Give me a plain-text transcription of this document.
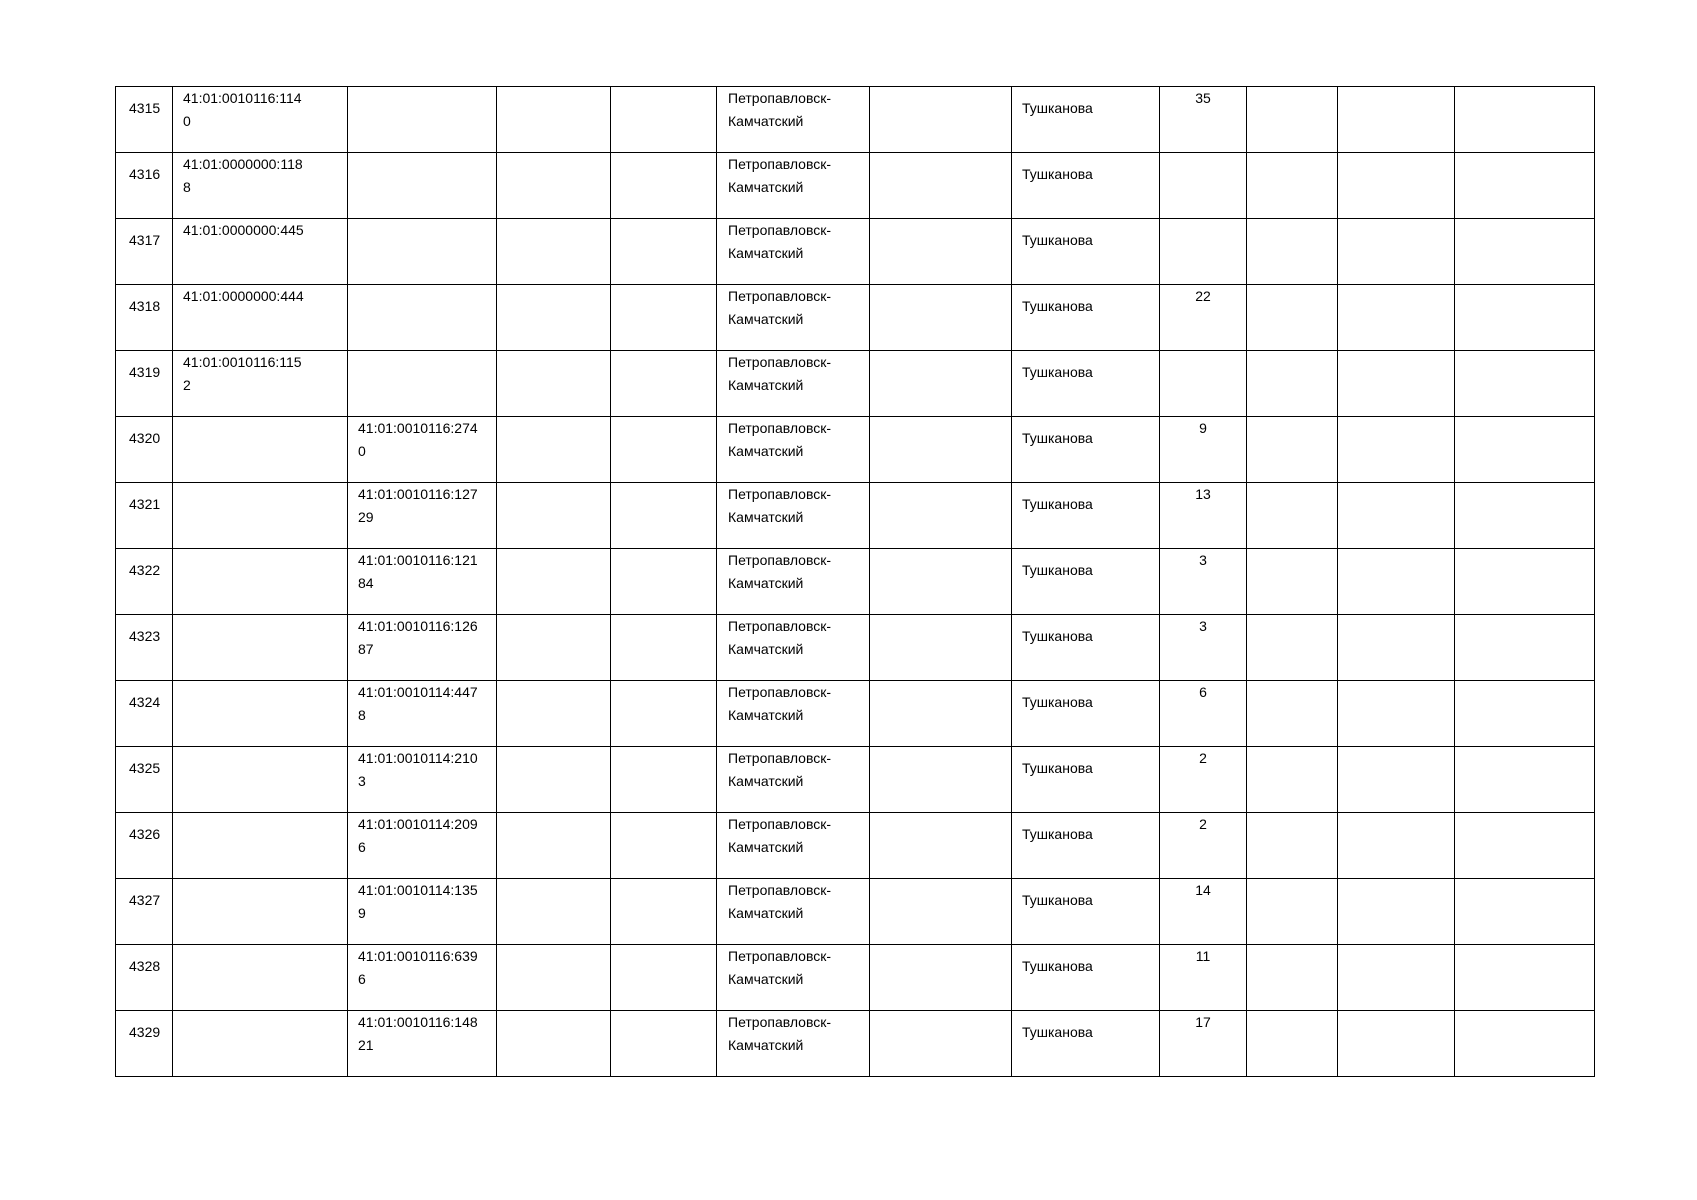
4315	41:01:0010116:1140				Петропавловск-
Камчатский		Тушканова	35			

4316	41:01:0000000:1188				Петропавловск-
Камчатский		Тушканова				

4317	41:01:0000000:445				Петропавловск-
Камчатский		Тушканова				

4318	41:01:0000000:444				Петропавловск-
Камчатский		Тушканова	22			

4319	41:01:0010116:1152				Петропавловск-
Камчатский		Тушканова				

4320		41:01:0010116:2740			Петропавловск-
Камчатский		Тушканова	9			

4321		41:01:0010116:12729			Петропавловск-
Камчатский		Тушканова	13			

4322		41:01:0010116:12184			Петропавловск-
Камчатский		Тушканова	3			

4323		41:01:0010116:12687			Петропавловск-
Камчатский		Тушканова	3			

4324		41:01:0010114:4478			Петропавловск-
Камчатский		Тушканова	6			

4325		41:01:0010114:2103			Петропавловск-
Камчатский		Тушканова	2			

4326		41:01:0010114:2096			Петропавловск-
Камчатский		Тушканова	2			

4327		41:01:0010114:1359			Петропавловск-
Камчатский		Тушканова	14			

4328		41:01:0010116:6396			Петропавловск-
Камчатский		Тушканова	11			

4329		41:01:0010116:14821			Петропавловск-
Камчатский		Тушканова	17			
